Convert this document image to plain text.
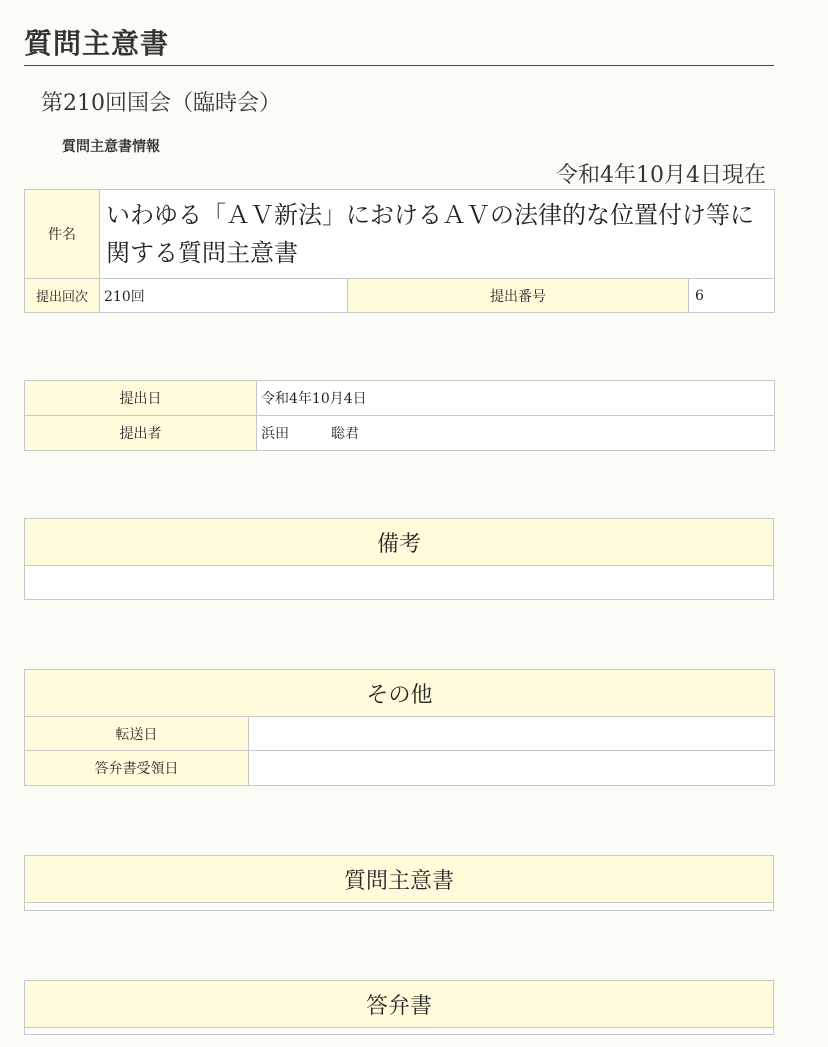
質問主意書
第210回国会（臨時会）
質問主意書情報
令和4年10月4日現在
件名	いわゆる「ＡＶ新法」におけるＡＶの法律的な位置付け等に関する質問主意書		
提出回次	210回	提出番号	6
提出日	令和4年10月4日
提出者	浜田　　　聡君
備考

その他	
転送日	
答弁書受領日	
質問主意書

答弁書
